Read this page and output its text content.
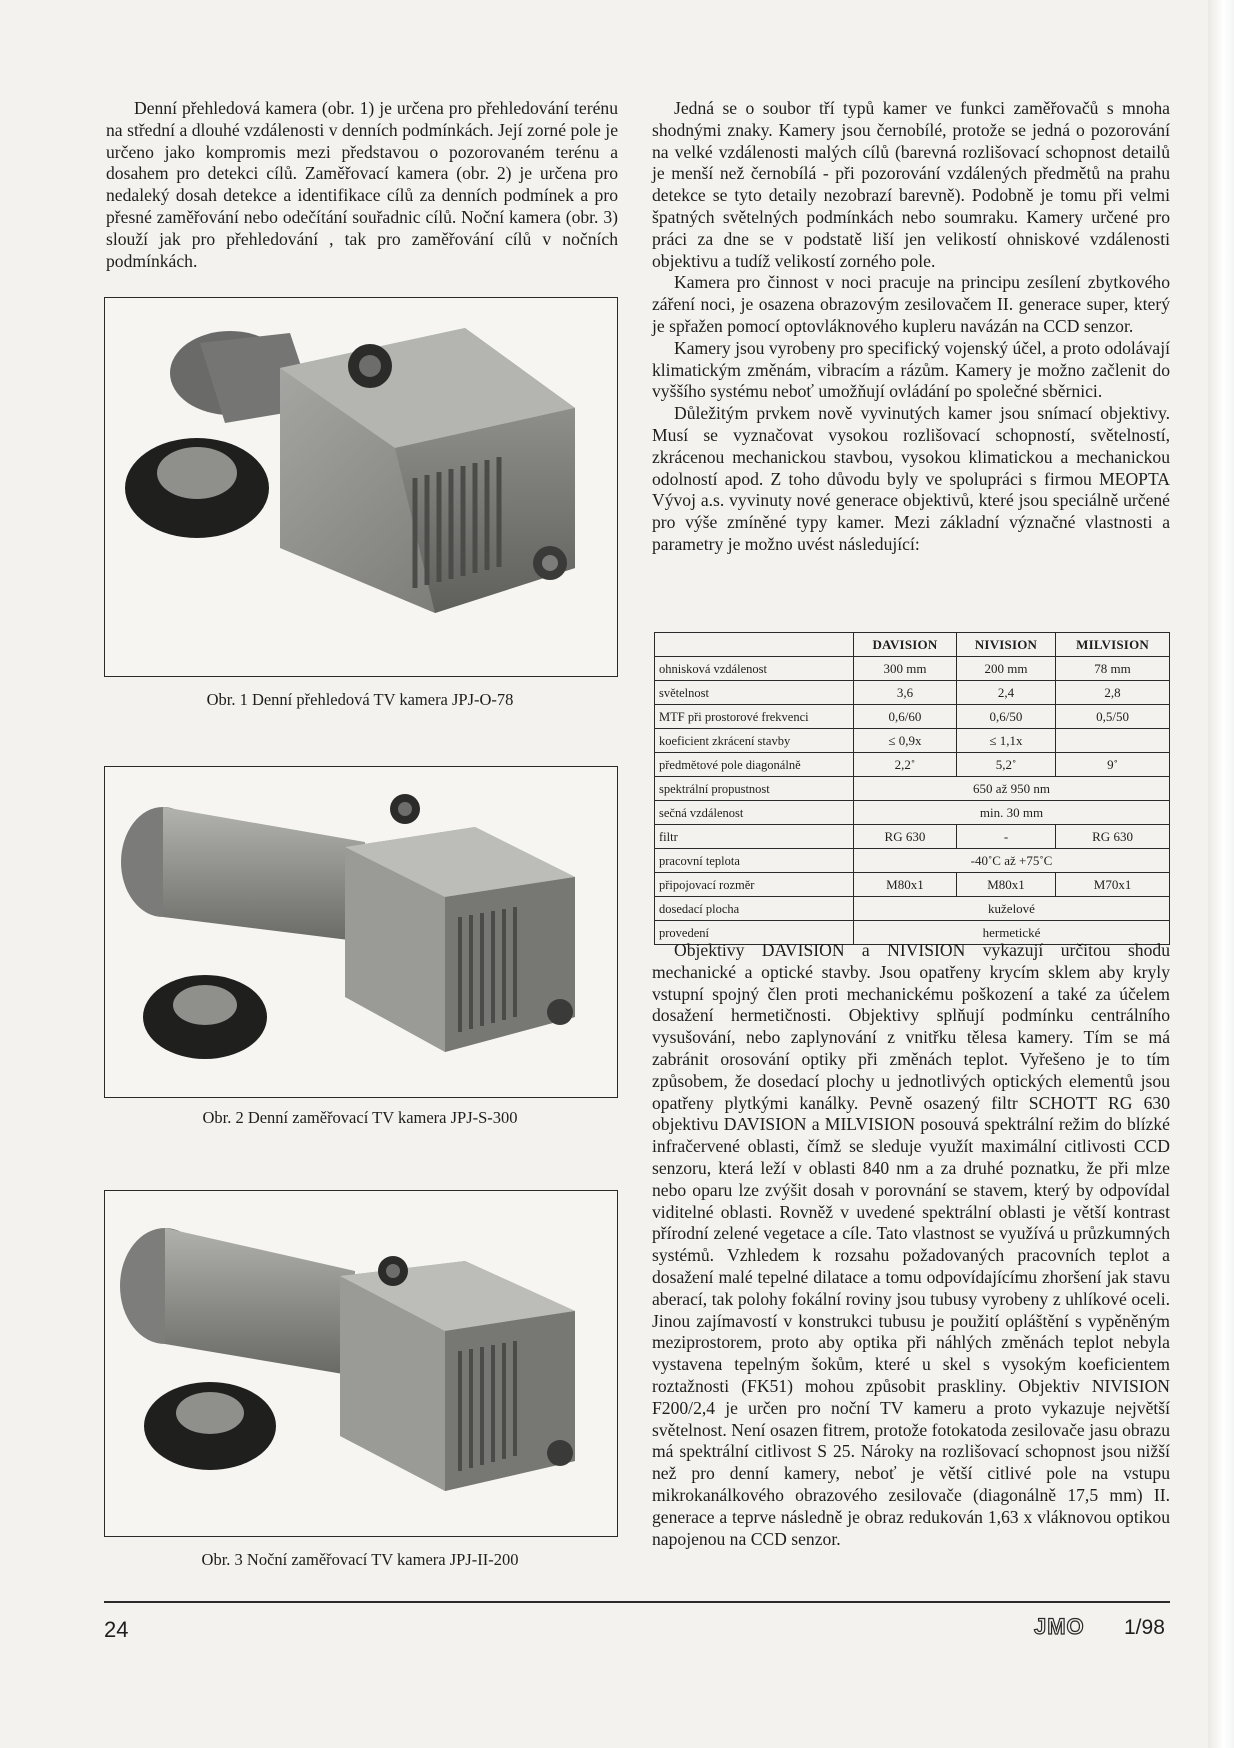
Denní přehledová kamera (obr. 1) je určena pro přehledování terénu na střední a dlouhé vzdálenosti v denních podmínkách. Její zorné pole je určeno jako kompromis mezi představou o pozorovaném terénu a dosahem pro detekci cílů. Zaměřovací kamera (obr. 2) je určena pro nedaleký dosah detekce a identifikace cílů za denních podmínek a pro přesné zaměřování nebo odečítání souřadnic cílů. Noční kamera (obr. 3) slouží jak pro přehledování , tak pro zaměřování cílů v nočních podmínkách.

Obr. 1 Denní přehledová TV kamera JPJ-O-78
Obr. 2 Denní zaměřovací TV kamera JPJ-S-300
Obr. 3 Noční zaměřovací TV kamera JPJ-II-200

Jedná se o soubor tří typů kamer ve funkci zaměřovačů s mnoha shodnými znaky. Kamery jsou černobílé, protože se jedná o pozorování na velké vzdálenosti malých cílů (barevná rozlišovací schopnost detailů je menší než černobílá - při pozorování vzdálených předmětů na prahu detekce se tyto detaily nezobrazí barevně). Podobně je tomu při velmi špatných světelných podmínkách nebo soumraku. Kamery určené pro práci za dne se v podstatě liší jen velikostí ohniskové vzdálenosti objektivu a tudíž velikostí zorného pole.

Kamera pro činnost v noci pracuje na principu zesílení zbytkového záření noci, je osazena obrazovým zesilovačem II. generace super, který je spřažen pomocí optovláknového kupleru navázán na CCD senzor.

Kamery jsou vyrobeny pro specifický vojenský účel, a proto odolávají klimatickým změnám, vibracím a rázům. Kamery je možno začlenit do vyššího systému neboť umožňují ovládání po společné sběrnici.

Důležitým prvkem nově vyvinutých kamer jsou snímací objektivy. Musí se vyznačovat vysokou rozlišovací schopností, světelností, zkrácenou mechanickou stavbou, vysokou klimatickou a mechanickou odolností apod. Z toho důvodu byly ve spolupráci s firmou MEOPTA Vývoj a.s. vyvinuty nové generace objektivů, které jsou speciálně určené pro výše zmíněné typy kamer. Mezi základní význačné vlastnosti a parametry je možno uvést následující:

	DAVISION	NIVISION	MILVISION
ohnisková vzdálenost	300 mm	200 mm	78 mm
světelnost	3,6	2,4	2,8
MTF při prostorové frekvenci	0,6/60	0,6/50	0,5/50
koeficient zkrácení stavby	≤ 0,9x	≤ 1,1x	
předmětové pole diagonálně	2,2˚	5,2˚	9˚
spektrální propustnost	650 až 950 nm		
sečná vzdálenost	min. 30 mm		
filtr	RG 630	-	RG 630
pracovní teplota	-40˚C až +75˚C		
připojovací rozměr	M80x1	M80x1	M70x1
dosedací plocha	kuželové		
provedení	hermetické		

Objektivy DAVISION a NIVISION vykazují určitou shodu mechanické a optické stavby. Jsou opatřeny krycím sklem aby kryly vstupní spojný člen proti mechanickému poškození a také za účelem dosažení hermetičnosti. Objektivy splňují podmínku centrálního vysušování, nebo zaplynování z vnitřku tělesa kamery. Tím se má zabránit orosování optiky při změnách teplot. Vyřešeno je to tím způsobem, že dosedací plochy u jednotlivých optických elementů jsou opatřeny plytkými kanálky. Pevně osazený filtr SCHOTT RG 630 objektivu DAVISION a MILVISION posouvá spektrální režim do blízké infračervené oblasti, čímž se sleduje využít maximální citlivosti CCD senzoru, která leží v oblasti 840 nm a za druhé poznatku, že při mlze nebo oparu lze zvýšit dosah v porovnání se stavem, který by odpovídal viditelné oblasti. Rovněž v uvedené spektrální oblasti je větší kontrast přírodní zelené vegetace a cíle. Tato vlastnost se využívá u průzkumných systémů. Vzhledem k rozsahu požadovaných pracovních teplot a dosažení malé tepelné dilatace a tomu odpovídajícímu zhoršení jak stavu aberací, tak polohy fokální roviny jsou tubusy vyrobeny z uhlíkové oceli. Jinou zajímavostí v konstrukci tubusu je použití opláštění s vypěněným meziprostorem, proto aby optika při náhlých změnách teplot nebyla vystavena tepelným šokům, které u skel s vysokým koeficientem roztažnosti (FK51) mohou způsobit praskliny. Objektiv NIVISION F200/2,4 je určen pro noční TV kameru a proto vykazuje největší světelnost. Není osazen fitrem, protože fotokatoda zesilovače jasu obrazu má spektrální citlivost S 25. Nároky na rozlišovací schopnost jsou nižší než pro denní kamery, neboť je větší citlivé pole na vstupu mikrokanálkového obrazového zesilovače (diagonálně 17,5 mm) II. generace a teprve následně je obraz redukován 1,63 x vláknovou optikou napojenou na CCD senzor.

24	JMO 1/98
